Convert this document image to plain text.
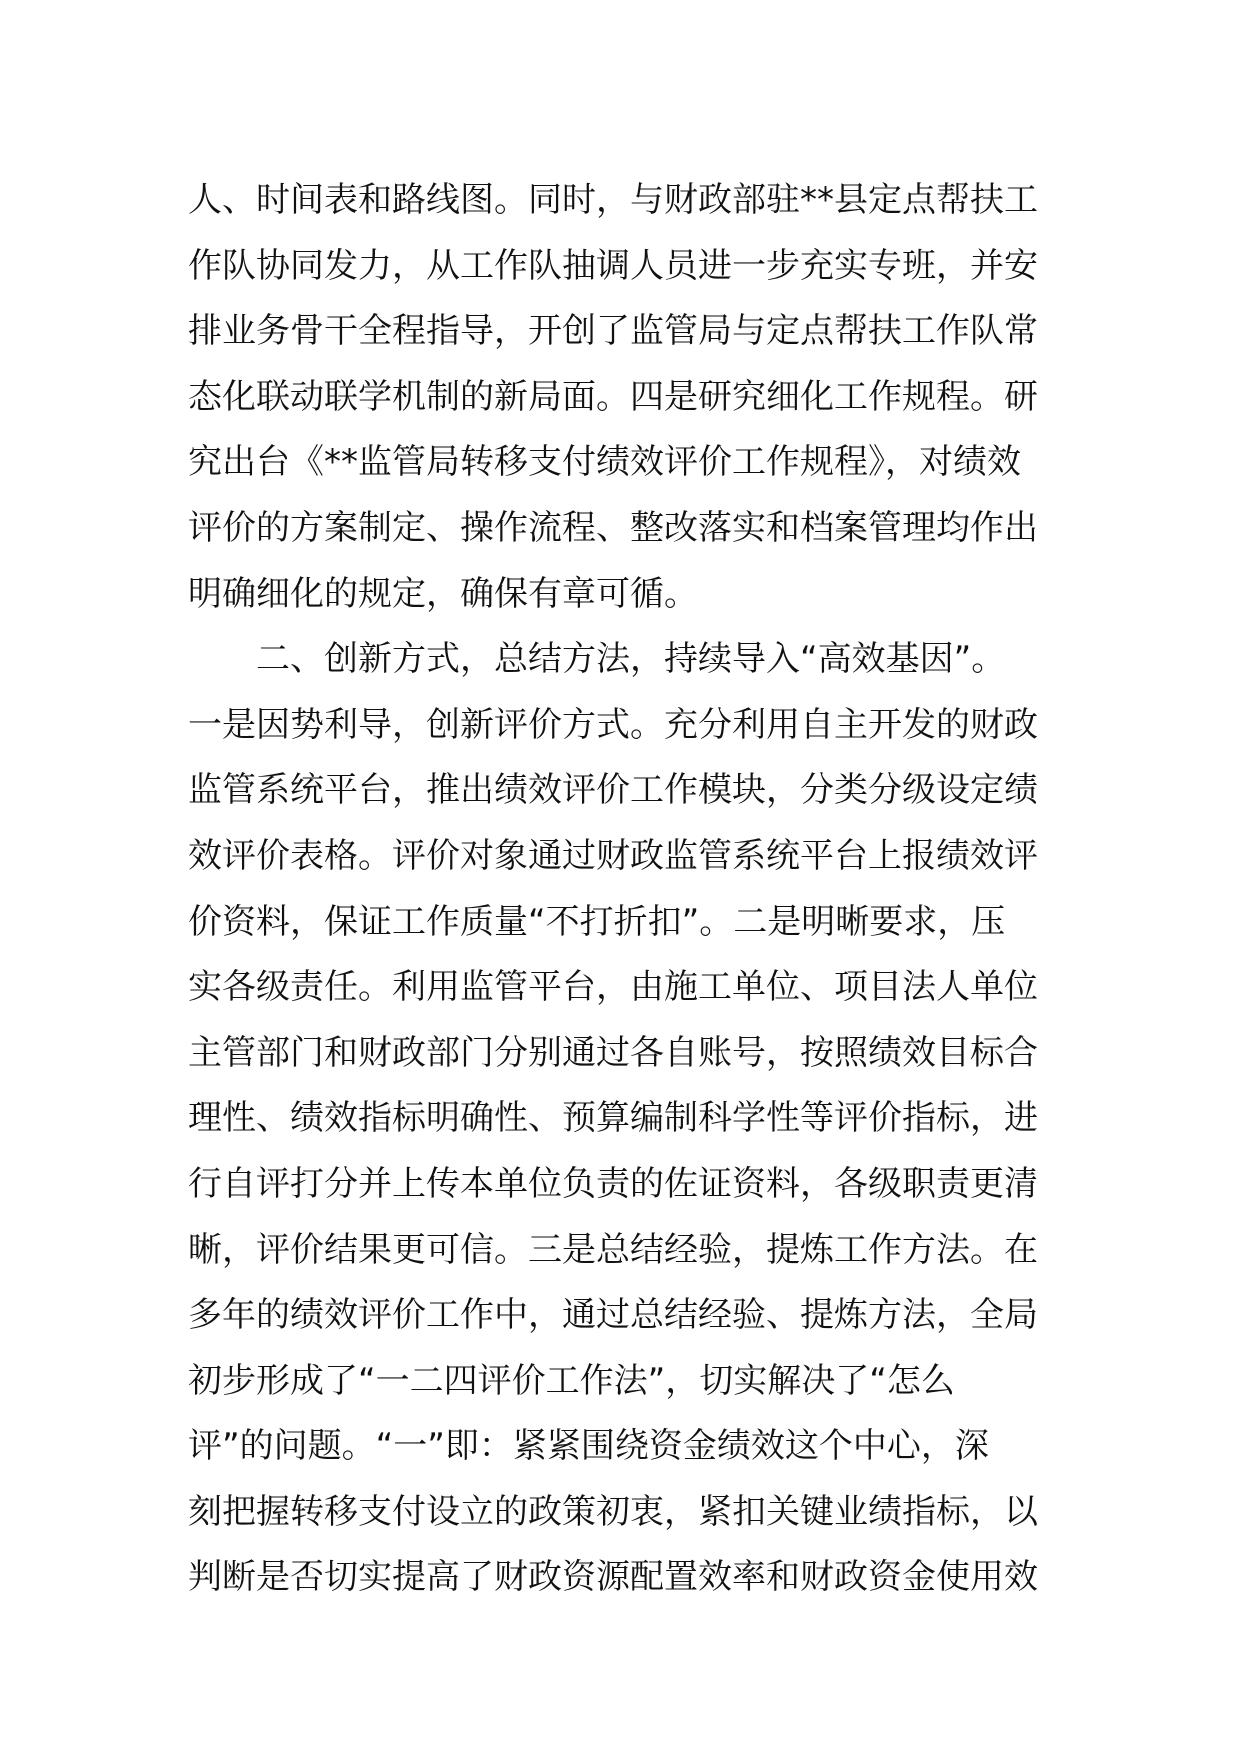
人、时间表和路线图。同时，与财政部驻**县定点帮扶工
作队协同发力，从工作队抽调人员进一步充实专班，并安
排业务骨干全程指导，开创了监管局与定点帮扶工作队常
态化联动联学机制的新局面。四是研究细化工作规程。研
究出台《**监管局转移支付绩效评价工作规程》，对绩效
评价的方案制定、操作流程、整改落实和档案管理均作出
明确细化的规定，确保有章可循。
二、创新方式，总结方法，持续导入“高效基因”。
一是因势利导，创新评价方式。充分利用自主开发的财政
监管系统平台，推出绩效评价工作模块，分类分级设定绩
效评价表格。评价对象通过财政监管系统平台上报绩效评
价资料，保证工作质量“不打折扣”。二是明晰要求，压
实各级责任。利用监管平台，由施工单位、项目法人单位
主管部门和财政部门分别通过各自账号，按照绩效目标合
理性、绩效指标明确性、预算编制科学性等评价指标，进
行自评打分并上传本单位负责的佐证资料，各级职责更清
晰，评价结果更可信。三是总结经验，提炼工作方法。在
多年的绩效评价工作中，通过总结经验、提炼方法，全局
初步形成了“一二四评价工作法”，切实解决了“怎么
评”的问题。“一”即：紧紧围绕资金绩效这个中心，深
刻把握转移支付设立的政策初衷，紧扣关键业绩指标，以
判断是否切实提高了财政资源配置效率和财政资金使用效
